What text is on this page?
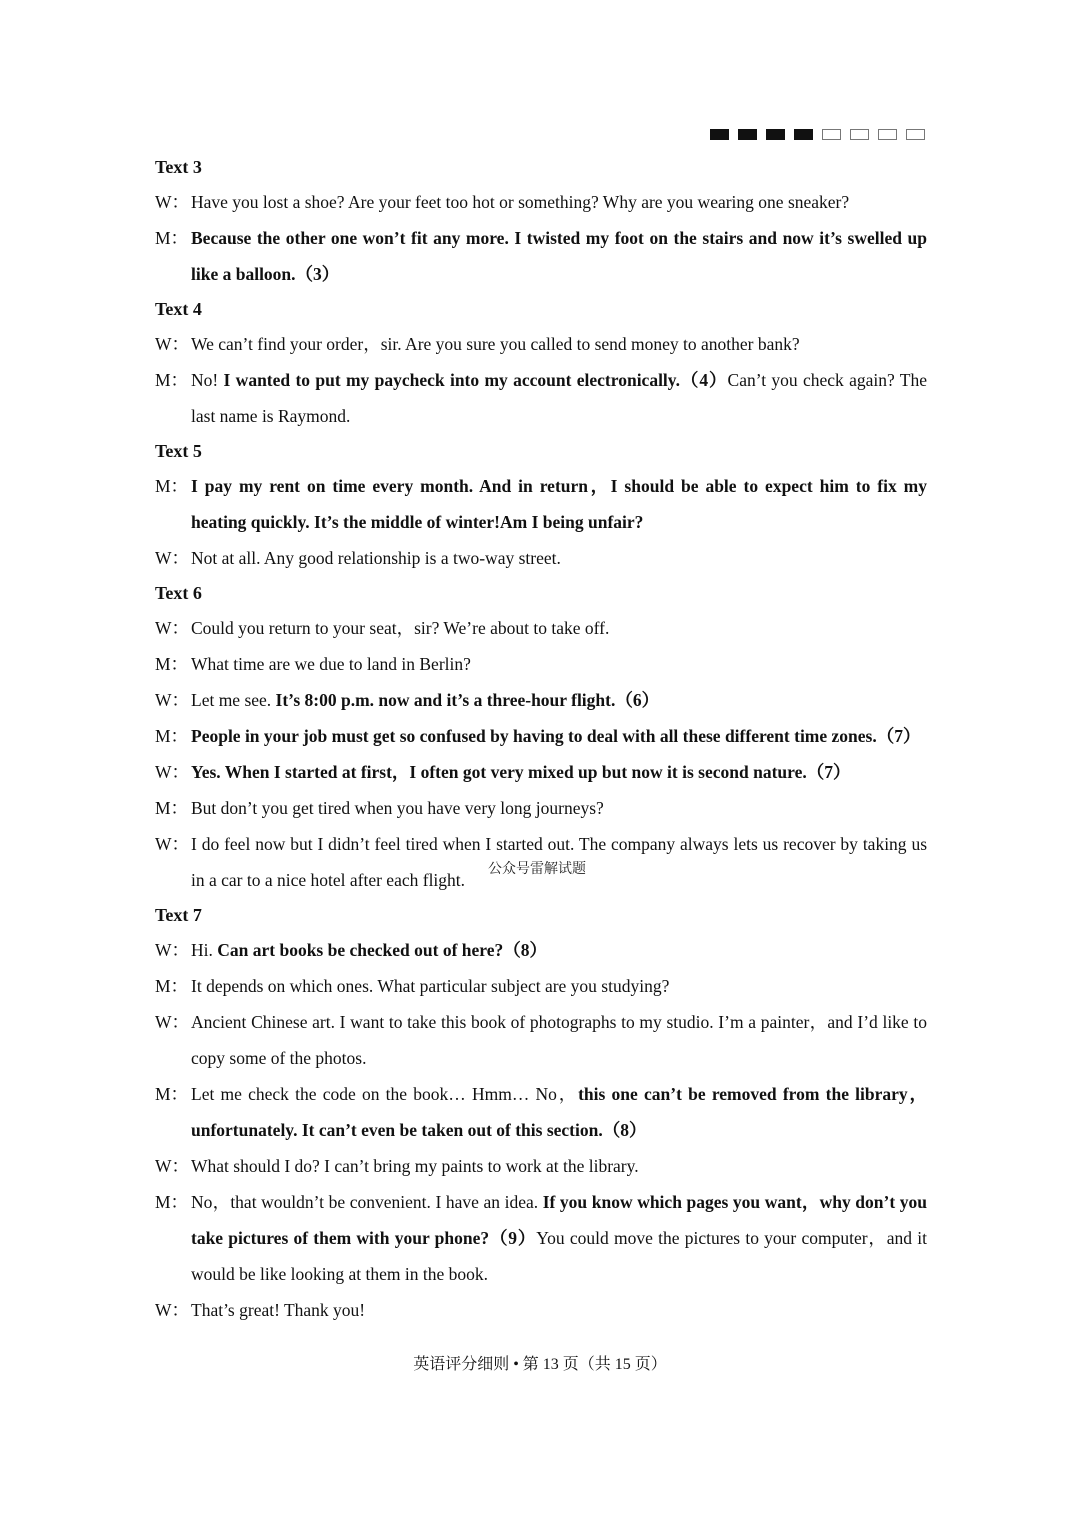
Text 3
W： Have you lost a shoe? Are your feet too hot or something? Why are you wearing one sneaker?
M： Because the other one won’t fit any more. I twisted my foot on the stairs and now it’s swelled up like a balloon.（3）
Text 4
W： We can’t find your order，sir. Are you sure you called to send money to another bank?
M： No! I wanted to put my paycheck into my account electronically.（4）Can’t you check again? The last name is Raymond.
Text 5
M： I pay my rent on time every month. And in return，I should be able to expect him to fix my heating quickly. It’s the middle of winter!Am I being unfair?
W： Not at all. Any good relationship is a two-way street.
Text 6
W： Could you return to your seat，sir? We’re about to take off.
M： What time are we due to land in Berlin?
W： Let me see. It’s 8:00 p.m. now and it’s a three-hour flight.（6）
M： People in your job must get so confused by having to deal with all these different time zones.（7）
W： Yes. When I started at first，I often got very mixed up but now it is second nature.（7）
M： But don’t you get tired when you have very long journeys?
W： I do feel now but I didn’t feel tired when I started out. The company always lets us recover by taking us in a car to a nice hotel after each flight.
Text 7
W： Hi. Can art books be checked out of here?（8）
M： It depends on which ones. What particular subject are you studying?
W： Ancient Chinese art. I want to take this book of photographs to my studio. I’m a painter，and I’d like to copy some of the photos.
M： Let me check the code on the book… Hmm… No，this one can’t be removed from the library，unfortunately. It can’t even be taken out of this section.（8）
W： What should I do? I can’t bring my paints to work at the library.
M： No，that wouldn’t be convenient. I have an idea. If you know which pages you want，why don’t you take pictures of them with your phone?（9）You could move the pictures to your computer，and it would be like looking at them in the book.
W： That’s great! Thank you!
公众号雷解试题
英语评分细则 • 第 13 页（共 15 页）
